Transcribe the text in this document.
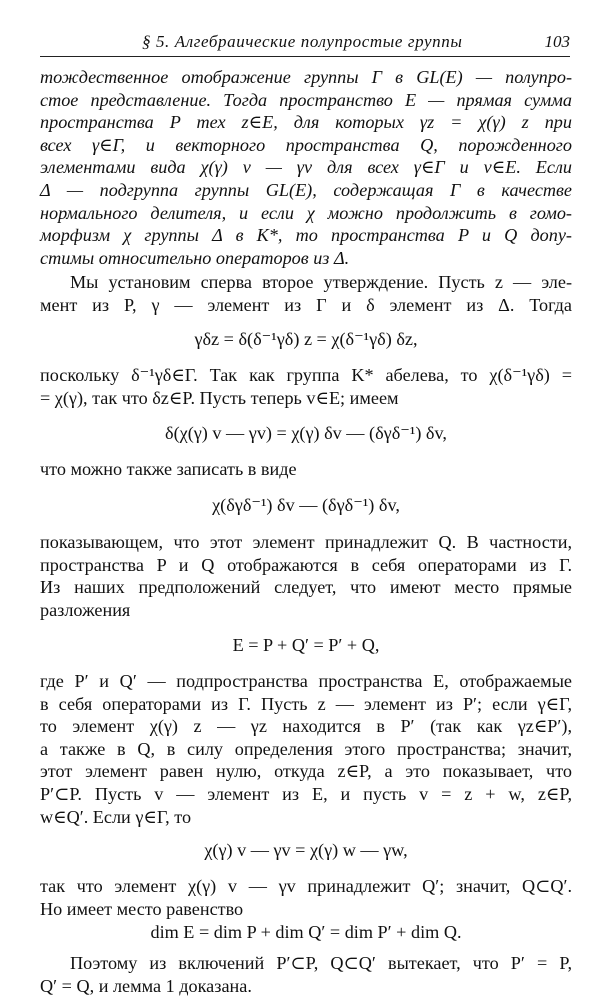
§ 5. Алгебраические полупростые группы	103
тождественное отображение группы Γ в GL(E) — полупро-
стое представление. Тогда пространство E — прямая сумма
пространства P тех z∈E, для которых γz = χ(γ) z при
всех γ∈Γ, и векторного пространства Q, порожденного
элементами вида χ(γ) v — γv для всех γ∈Γ и v∈E. Если
Δ — подгруппа группы GL(E), содержащая Γ в качестве
нормального делителя, и если χ можно продолжить в гомо-
морфизм χ группы Δ в K*, то пространства P и Q допу-
стимы относительно операторов из Δ.
Мы установим сперва второе утверждение. Пусть z — эле-
мент из P, γ — элемент из Γ и δ элемент из Δ. Тогда
γδz = δ(δ⁻¹γδ) z = χ(δ⁻¹γδ) δz,
поскольку δ⁻¹γδ∈Γ. Так как группа K* абелева, то χ(δ⁻¹γδ) =
= χ(γ), так что δz∈P. Пусть теперь v∈E; имеем
δ(χ(γ) v — γv) = χ(γ) δv — (δγδ⁻¹) δv,
что можно также записать в виде
χ(δγδ⁻¹) δv — (δγδ⁻¹) δv,
показывающем, что этот элемент принадлежит Q. В частности,
пространства P и Q отображаются в себя операторами из Γ.
Из наших предположений следует, что имеют место прямые
разложения
E = P + Q′ = P′ + Q,
где P′ и Q′ — подпространства пространства E, отображаемые
в себя операторами из Γ. Пусть z — элемент из P′; если γ∈Γ,
то элемент χ(γ) z — γz находится в P′ (так как γz∈P′),
а также в Q, в силу определения этого пространства; значит,
этот элемент равен нулю, откуда z∈P, а это показывает, что
P′⊂P. Пусть v — элемент из E, и пусть v = z + w, z∈P,
w∈Q′. Если γ∈Γ, то
χ(γ) v — γv = χ(γ) w — γw,
так что элемент χ(γ) v — γv принадлежит Q′; значит, Q⊂Q′.
Но имеет место равенство
dim E = dim P + dim Q′ = dim P′ + dim Q.
Поэтому из включений P′⊂P, Q⊂Q′ вытекает, что P′ = P,
Q′ = Q, и лемма 1 доказана.
